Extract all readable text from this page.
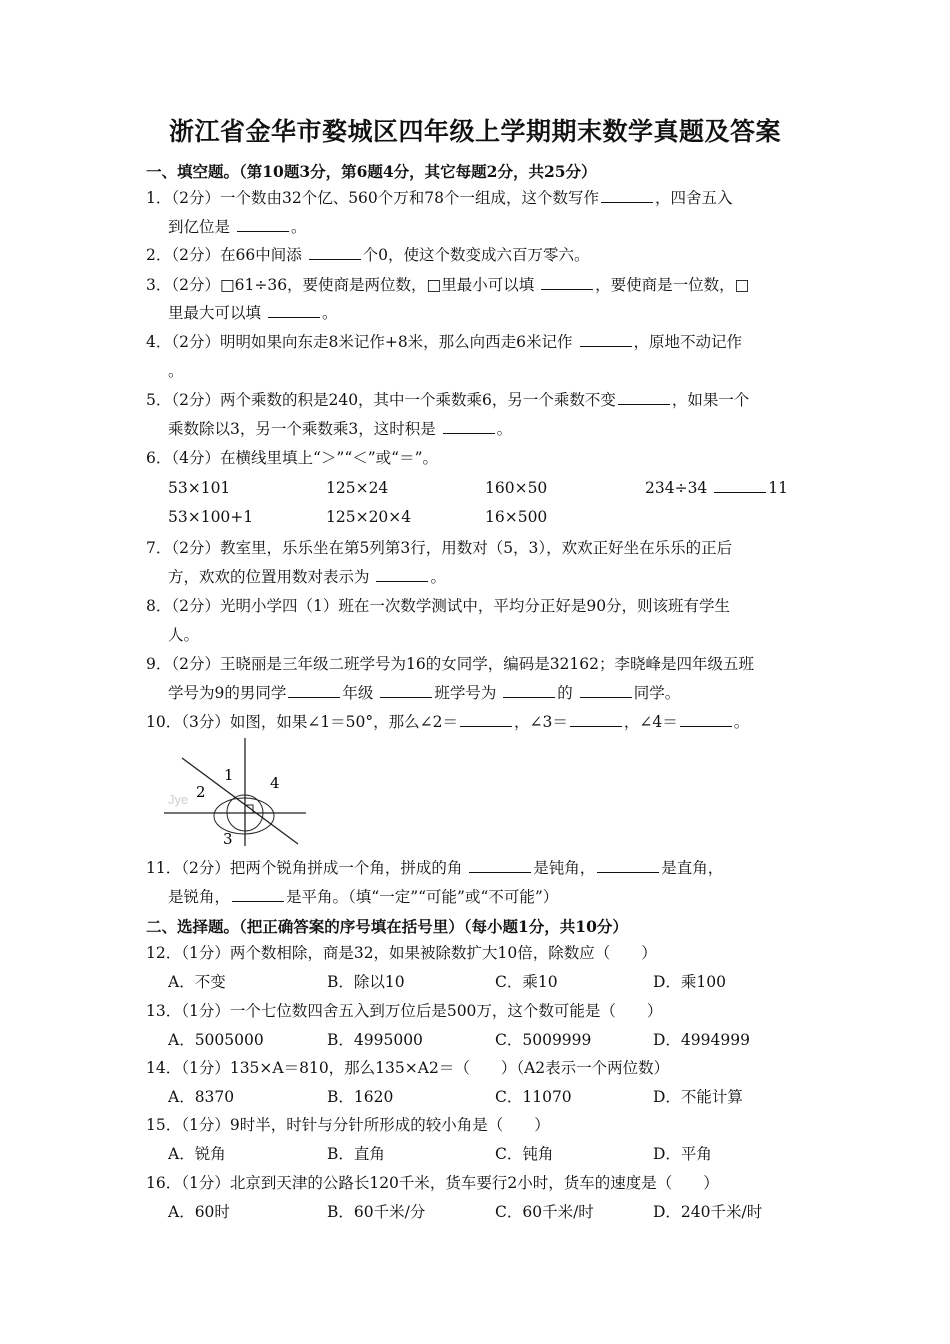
浙江省金华市婺城区四年级上学期期末数学真题及答案
一、填空题。（第10题3分，第6题4分，其它每题2分，共25分）
1．（2分）一个数由32个亿、560个万和78个一组成，这个数写作	，四舍五入
到亿位是	。
2．（2分）在66中间添	个0，使这个数变成六百万零六。
3．（2分）□61÷36，要使商是两位数，□里最小可以填	，要使商是一位数，□
里最大可以填	。
4．（2分）明明如果向东走8米记作+8米，那么向西走6米记作	，原地不动记作
。
5．（2分）两个乘数的积是240，其中一个乘数乘6，另一个乘数不变	，如果一个
乘数除以3，另一个乘数乘3，这时积是	。
6．（4分）在横线里填上“＞”“＜”或“＝”。
53×101	125×24	160×50	234÷34	11
53×100+1	125×20×4	16×500
7．（2分）教室里，乐乐坐在第5列第3行，用数对（5，3），欢欢正好坐在乐乐的正后
方，欢欢的位置用数对表示为	。
8．（2分）光明小学四（1）班在一次数学测试中，平均分正好是90分，则该班有学生
人。
9．（2分）王晓丽是三年级二班学号为16的女同学，编码是32162；李晓峰是四年级五班
学号为9的男同学	年级	班学号为	的	同学。
10．（3分）如图，如果∠1＝50°，那么∠2＝	，∠3＝	，∠4＝	。
Jye
1
2
3
4
11．（2分）把两个锐角拼成一个角，拼成的角	是钝角，	是直角，
是锐角，	是平角。（填“一定”“可能”或“不可能”）
二、选择题。（把正确答案的序号填在括号里）（每小题1分，共10分）
12．（1分）两个数相除，商是32，如果被除数扩大10倍，除数应（　　）
A．不变	B．除以10	C．乘10	D．乘100
13．（1分）一个七位数四舍五入到万位后是500万，这个数可能是（　　）
A．5005000	B．4995000	C．5009999	D．4994999
14．（1分）135×A＝810，那么135×A2＝（　　）（A2表示一个两位数）
A．8370	B．1620	C．11070	D．不能计算
15．（1分）9时半，时针与分针所形成的较小角是（　　）
A．锐角	B．直角	C．钝角	D．平角
16．（1分）北京到天津的公路长120千米，货车要行2小时，货车的速度是（　　）
A．60时	B．60千米/分	C．60千米/时	D．240千米/时
